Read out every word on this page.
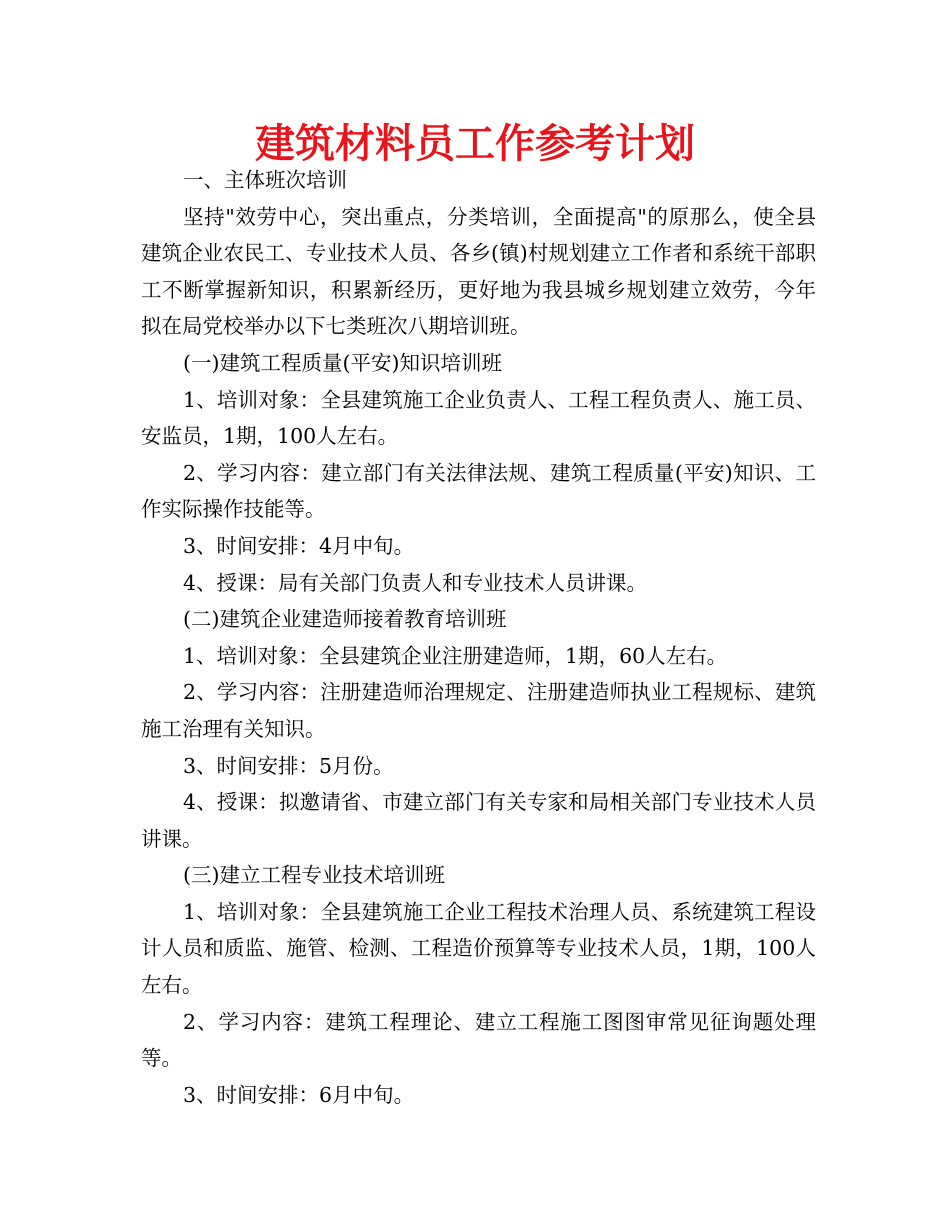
建筑材料员工作参考计划

一、主体班次培训

坚持"效劳中心，突出重点，分类培训，全面提高"的原那么，使全县建筑企业农民工、专业技术人员、各乡(镇)村规划建立工作者和系统干部职工不断掌握新知识，积累新经历，更好地为我县城乡规划建立效劳，今年拟在局党校举办以下七类班次八期培训班。

(一)建筑工程质量(平安)知识培训班

1、培训对象：全县建筑施工企业负责人、工程工程负责人、施工员、安监员，1期，100人左右。

2、学习内容：建立部门有关法律法规、建筑工程质量(平安)知识、工作实际操作技能等。

3、时间安排：4月中旬。

4、授课：局有关部门负责人和专业技术人员讲课。

(二)建筑企业建造师接着教育培训班

1、培训对象：全县建筑企业注册建造师，1期，60人左右。

2、学习内容：注册建造师治理规定、注册建造师执业工程规标、建筑施工治理有关知识。

3、时间安排：5月份。

4、授课：拟邀请省、市建立部门有关专家和局相关部门专业技术人员讲课。

(三)建立工程专业技术培训班

1、培训对象：全县建筑施工企业工程技术治理人员、系统建筑工程设计人员和质监、施管、检测、工程造价预算等专业技术人员，1期，100人左右。

2、学习内容：建筑工程理论、建立工程施工图图审常见征询题处理等。

3、时间安排：6月中旬。
